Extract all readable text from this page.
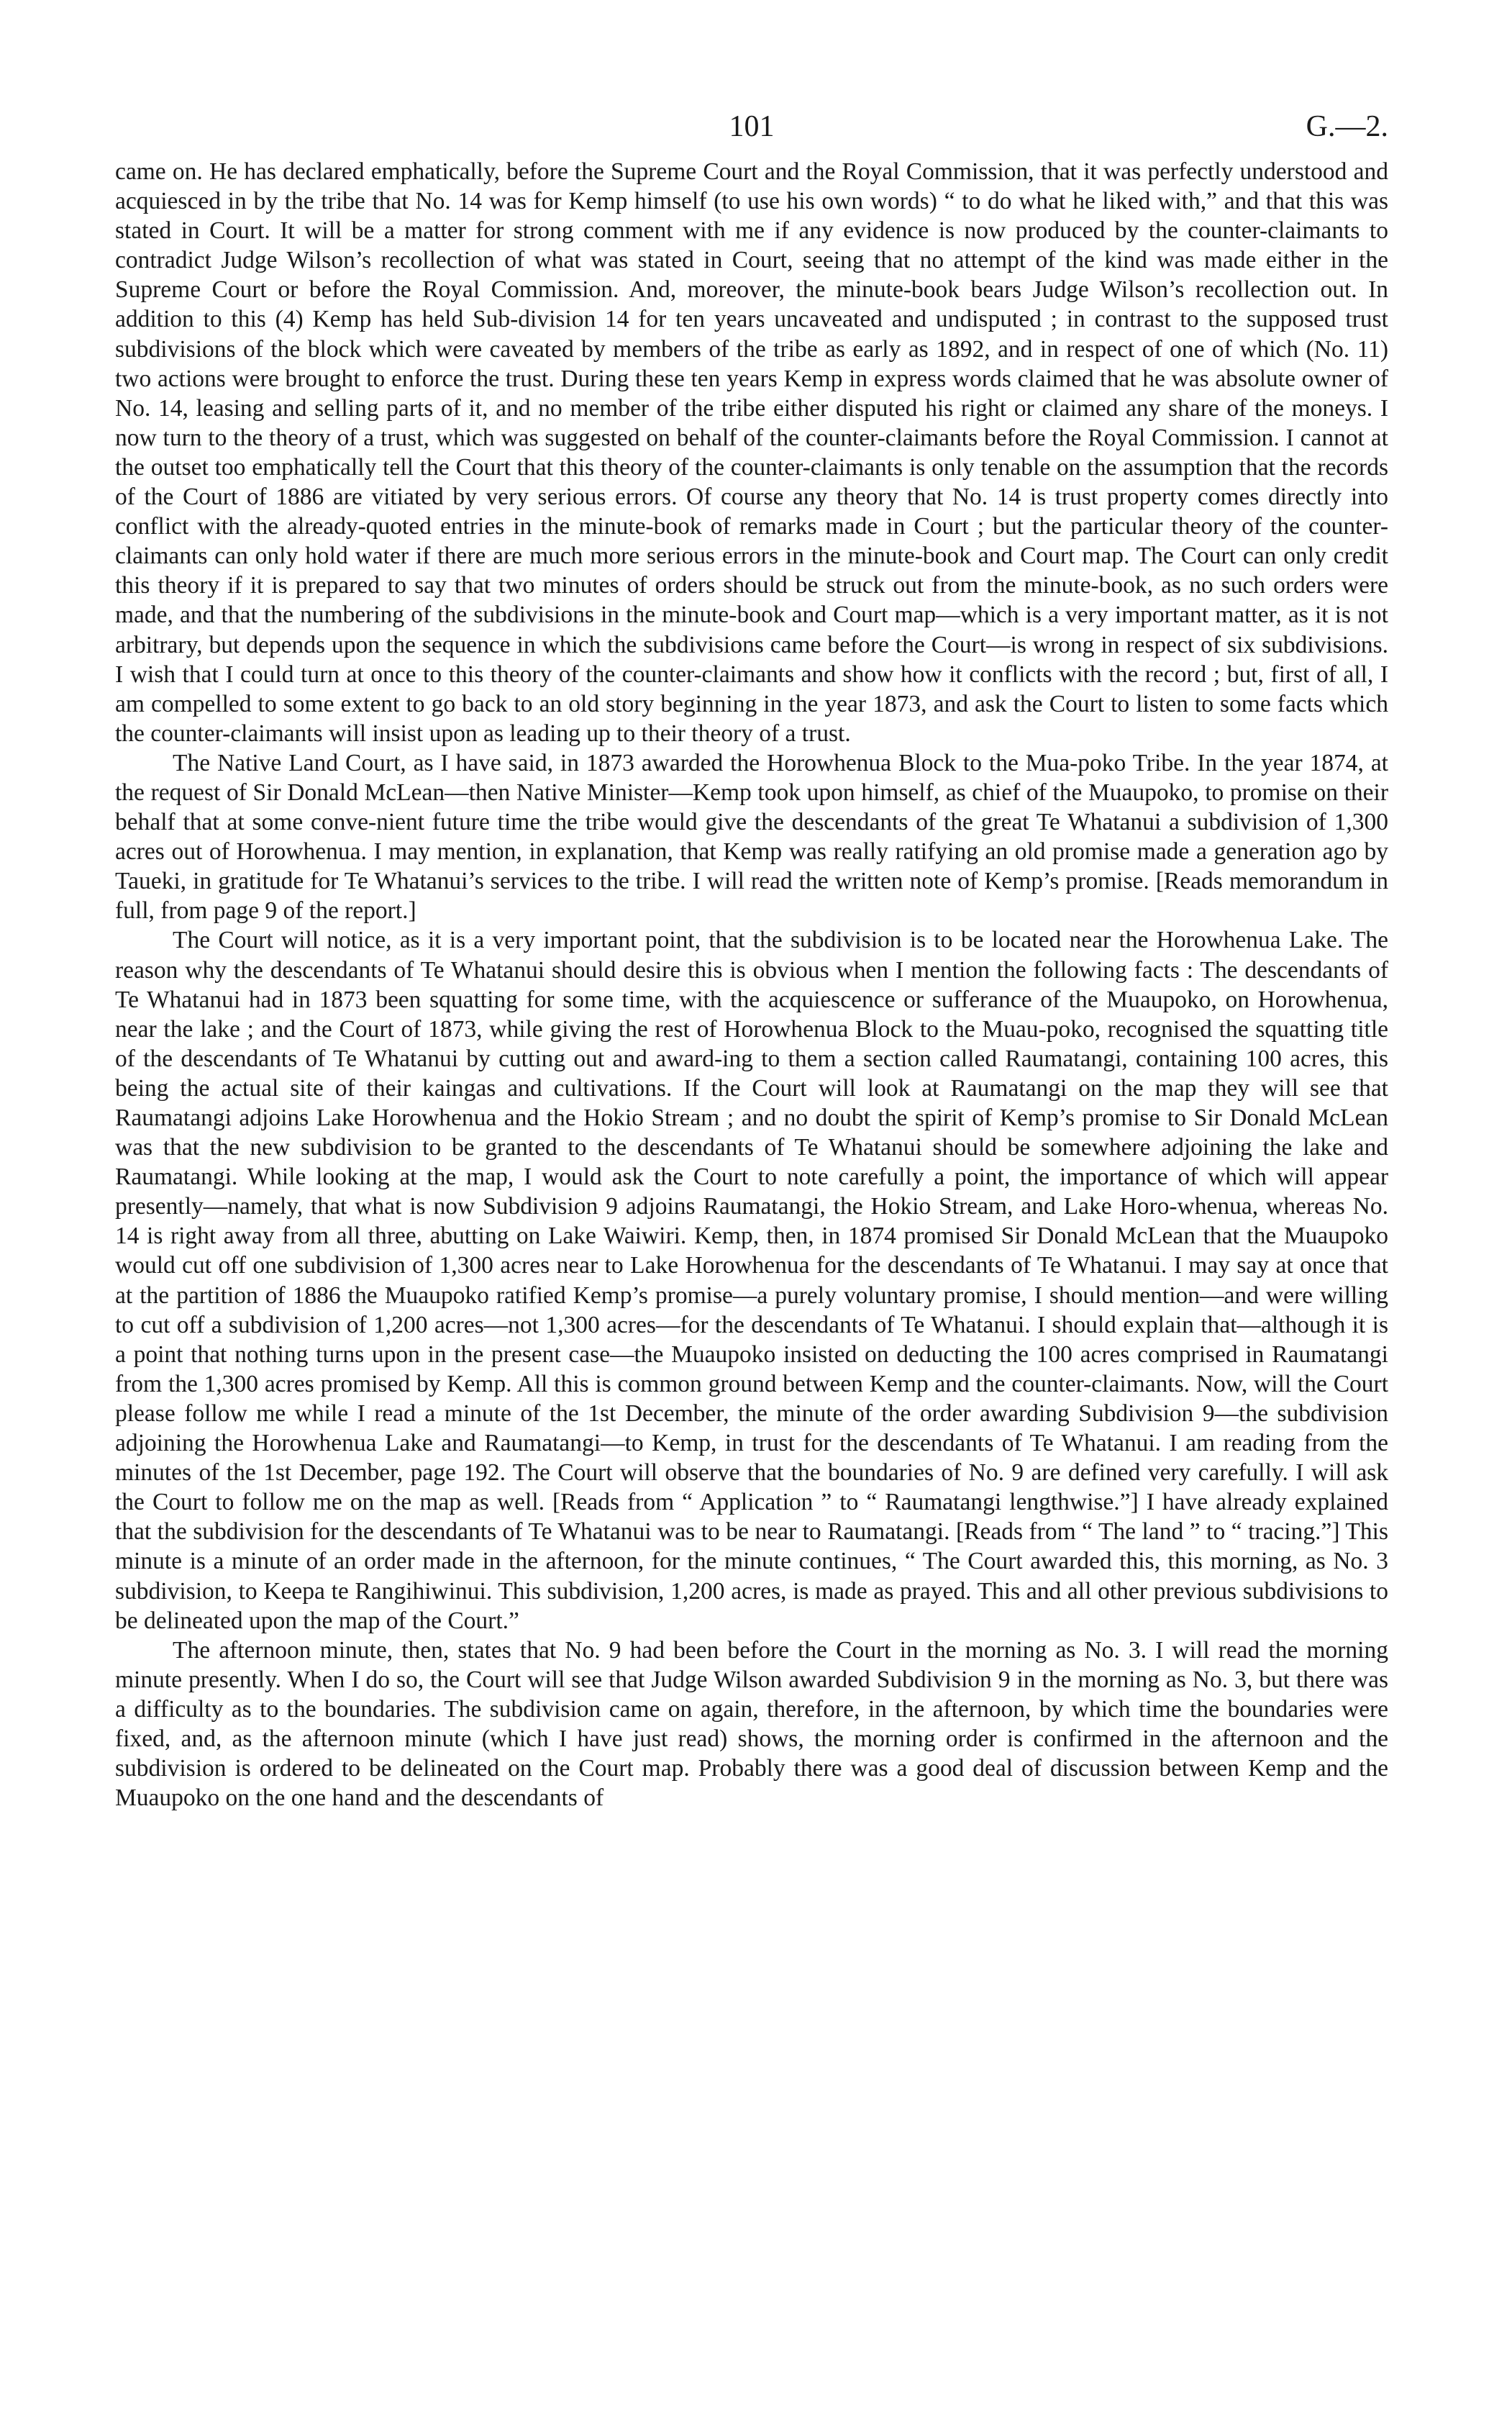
101	G.—2.

came on. He has declared emphatically, before the Supreme Court and the Royal Commission, that it was perfectly understood and acquiesced in by the tribe that No. 14 was for Kemp himself (to use his own words) “ to do what he liked with,” and that this was stated in Court. It will be a matter for strong comment with me if any evidence is now produced by the counter-claimants to contradict Judge Wilson’s recollection of what was stated in Court, seeing that no attempt of the kind was made either in the Supreme Court or before the Royal Commission. And, moreover, the minute-book bears Judge Wilson’s recollection out. In addition to this (4) Kemp has held Sub-division 14 for ten years uncaveated and undisputed ; in contrast to the supposed trust subdivisions of the block which were caveated by members of the tribe as early as 1892, and in respect of one of which (No. 11) two actions were brought to enforce the trust. During these ten years Kemp in express words claimed that he was absolute owner of No. 14, leasing and selling parts of it, and no member of the tribe either disputed his right or claimed any share of the moneys. I now turn to the theory of a trust, which was suggested on behalf of the counter-claimants before the Royal Commission. I cannot at the outset too emphatically tell the Court that this theory of the counter-claimants is only tenable on the assumption that the records of the Court of 1886 are vitiated by very serious errors. Of course any theory that No. 14 is trust property comes directly into conflict with the already-quoted entries in the minute-book of remarks made in Court ; but the particular theory of the counter-claimants can only hold water if there are much more serious errors in the minute-book and Court map. The Court can only credit this theory if it is prepared to say that two minutes of orders should be struck out from the minute-book, as no such orders were made, and that the numbering of the subdivisions in the minute-book and Court map—which is a very important matter, as it is not arbitrary, but depends upon the sequence in which the subdivisions came before the Court—is wrong in respect of six subdivisions. I wish that I could turn at once to this theory of the counter-claimants and show how it conflicts with the record ; but, first of all, I am compelled to some extent to go back to an old story beginning in the year 1873, and ask the Court to listen to some facts which the counter-claimants will insist upon as leading up to their theory of a trust.

The Native Land Court, as I have said, in 1873 awarded the Horowhenua Block to the Mua-poko Tribe. In the year 1874, at the request of Sir Donald McLean—then Native Minister—Kemp took upon himself, as chief of the Muaupoko, to promise on their behalf that at some conve-nient future time the tribe would give the descendants of the great Te Whatanui a subdivision of 1,300 acres out of Horowhenua. I may mention, in explanation, that Kemp was really ratifying an old promise made a generation ago by Taueki, in gratitude for Te Whatanui’s services to the tribe. I will read the written note of Kemp’s promise. [Reads memorandum in full, from page 9 of the report.]

The Court will notice, as it is a very important point, that the subdivision is to be located near the Horowhenua Lake. The reason why the descendants of Te Whatanui should desire this is obvious when I mention the following facts : The descendants of Te Whatanui had in 1873 been squatting for some time, with the acquiescence or sufferance of the Muaupoko, on Horowhenua, near the lake ; and the Court of 1873, while giving the rest of Horowhenua Block to the Muau-poko, recognised the squatting title of the descendants of Te Whatanui by cutting out and award-ing to them a section called Raumatangi, containing 100 acres, this being the actual site of their kaingas and cultivations. If the Court will look at Raumatangi on the map they will see that Raumatangi adjoins Lake Horowhenua and the Hokio Stream ; and no doubt the spirit of Kemp’s promise to Sir Donald McLean was that the new subdivision to be granted to the descendants of Te Whatanui should be somewhere adjoining the lake and Raumatangi. While looking at the map, I would ask the Court to note carefully a point, the importance of which will appear presently—namely, that what is now Subdivision 9 adjoins Raumatangi, the Hokio Stream, and Lake Horo-whenua, whereas No. 14 is right away from all three, abutting on Lake Waiwiri. Kemp, then, in 1874 promised Sir Donald McLean that the Muaupoko would cut off one subdivision of 1,300 acres near to Lake Horowhenua for the descendants of Te Whatanui. I may say at once that at the partition of 1886 the Muaupoko ratified Kemp’s promise—a purely voluntary promise, I should mention—and were willing to cut off a subdivision of 1,200 acres—not 1,300 acres—for the descendants of Te Whatanui. I should explain that—although it is a point that nothing turns upon in the present case—the Muaupoko insisted on deducting the 100 acres comprised in Raumatangi from the 1,300 acres promised by Kemp. All this is common ground between Kemp and the counter-claimants. Now, will the Court please follow me while I read a minute of the 1st December, the minute of the order awarding Subdivision 9—the subdivision adjoining the Horowhenua Lake and Raumatangi—to Kemp, in trust for the descendants of Te Whatanui. I am reading from the minutes of the 1st December, page 192. The Court will observe that the boundaries of No. 9 are defined very carefully. I will ask the Court to follow me on the map as well. [Reads from “ Application ” to “ Raumatangi lengthwise.”] I have already explained that the subdivision for the descendants of Te Whatanui was to be near to Raumatangi. [Reads from “ The land ” to “ tracing.”] This minute is a minute of an order made in the afternoon, for the minute continues, “ The Court awarded this, this morning, as No. 3 subdivision, to Keepa te Rangihiwinui. This subdivision, 1,200 acres, is made as prayed. This and all other previous subdivisions to be delineated upon the map of the Court.”

The afternoon minute, then, states that No. 9 had been before the Court in the morning as No. 3. I will read the morning minute presently. When I do so, the Court will see that Judge Wilson awarded Subdivision 9 in the morning as No. 3, but there was a difficulty as to the boundaries. The subdivision came on again, therefore, in the afternoon, by which time the boundaries were fixed, and, as the afternoon minute (which I have just read) shows, the morning order is confirmed in the afternoon and the subdivision is ordered to be delineated on the Court map. Probably there was a good deal of discussion between Kemp and the Muaupoko on the one hand and the descendants of
